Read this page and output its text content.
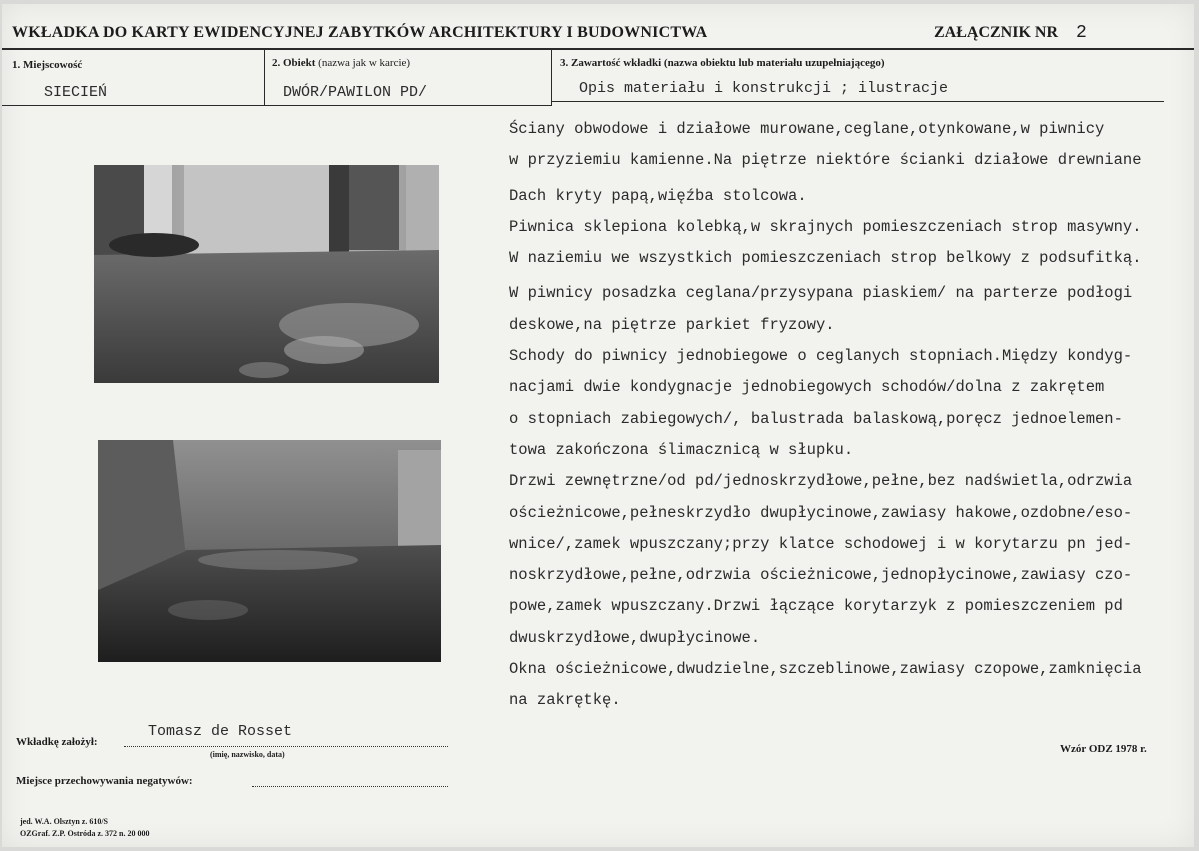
WKŁADKA DO KARTY EWIDENCYJNEJ ZABYTKÓW ARCHITEKTURY I BUDOWNICTWA	ZAŁĄCZNIK NR 2
1. Miejscowość	2. Obiekt (nazwa jak w karcie)	3. Zawartość wkładki (nazwa obiektu lub materiału uzupełniającego)
SIECIEŃ	DWÓR/PAWILON PD/	Opis materiału i konstrukcji ; ilustracje
Ściany obwodowe i działowe murowane,ceglane,otynkowane,w piwnicy
w przyziemiu kamienne.Na piętrze niektóre ścianki działowe drewniane
Dach kryty papą,więźba stolcowa.
Piwnica sklepiona kolebką,w skrajnych pomieszczeniach strop masywny.
W naziemiu we wszystkich pomieszczeniach strop belkowy z podsufitką.
W piwnicy posadzka ceglana/przysypana piaskiem/ na parterze podłogi
deskowe,na piętrze parkiet fryzowy.
Schody do piwnicy jednobiegowe o ceglanych stopniach.Między kondyg-
nacjami dwie kondygnacje jednobiegowych schodów/dolna z zakrętem
o stopniach zabiegowych/, balustrada balaskową,poręcz jednoelemen-
towa zakończona ślimacznicą w słupku.
Drzwi zewnętrzne/od pd/jednoskrzydłowe,pełne,bez nadświetla,odrzwia
ościeżnicowe,pełneskrzydło dwupłycinowe,zawiasy hakowe,ozdobne/eso-
wnice/,zamek wpuszczany;przy klatce schodowej i w korytarzu pn jed-
noskrzydłowe,pełne,odrzwia ościeżnicowe,jednopłycinowe,zawiasy czo-
powe,zamek wpuszczany.Drzwi łączące korytarzyk z pomieszczeniem pd
dwuskrzydłowe,dwupłycinowe.
Okna ościeżnicowe,dwudzielne,szczeblinowe,zawiasy czopowe,zamknięcia
na zakrętkę.
Wkładkę założył:
Tomasz de Rosset
(imię, nazwisko, data)
Miejsce przechowywania negatywów:
Wzór ODZ 1978 r.
jed. W.A. Olsztyn z. 610/S
OZGraf. Z.P. Ostróda z. 372 n. 20 000
